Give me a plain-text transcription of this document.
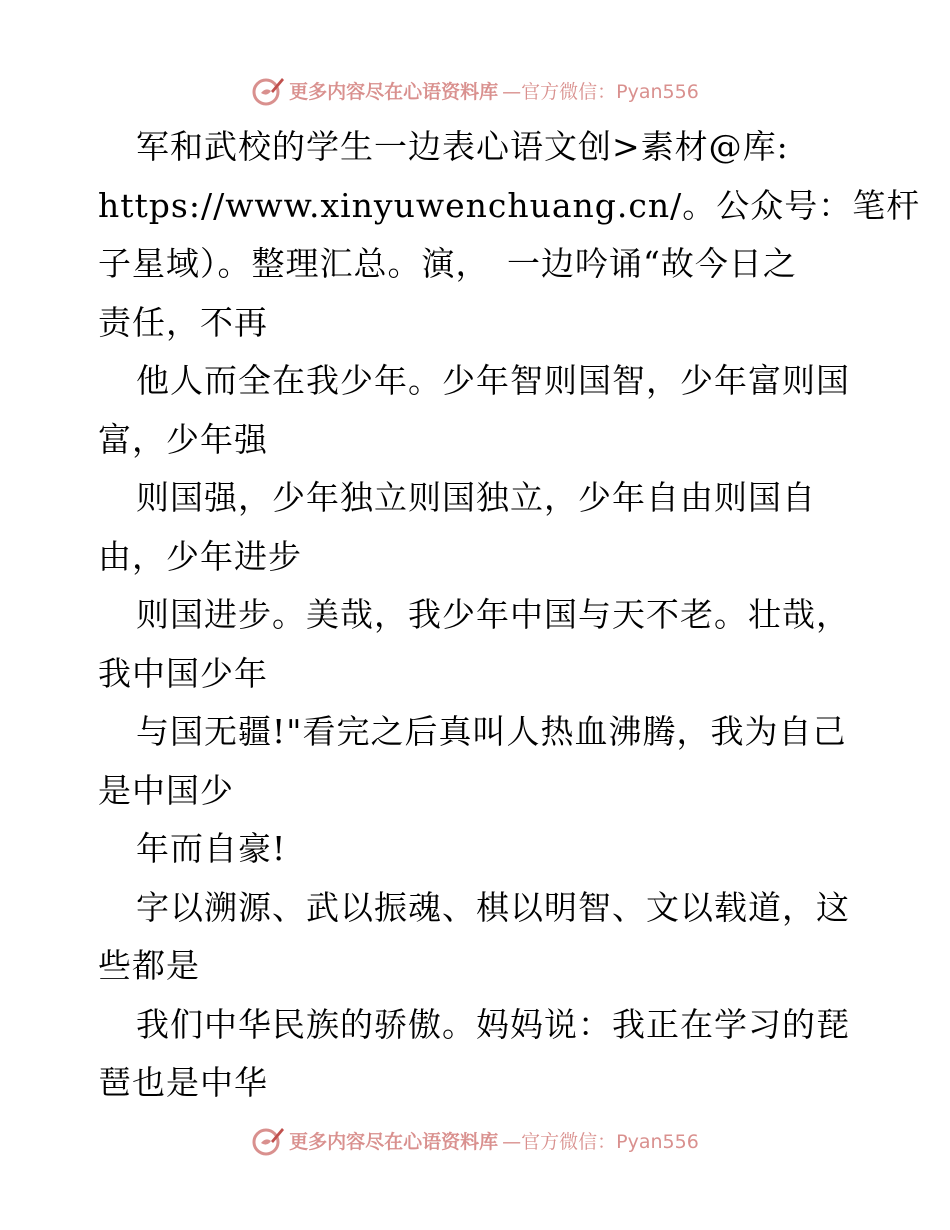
更多内容尽在心语资料库 —官方微信：Pyan556
军和武校的学生一边表心语文创>素材@库:
https://www.xinyuwenchuang.cn/。公众号：笔杆
子星域）。整理汇总。演，　一边吟诵“故今日之
责任，不再
他人而全在我少年。少年智则国智，少年富则国
富，少年强
则国强，少年独立则国独立，少年自由则国自
由，少年进步
则国进步。美哉，我少年中国与天不老。壮哉，
我中国少年
与国无疆!"看完之后真叫人热血沸腾，我为自己
是中国少
年而自豪!
字以溯源、武以振魂、棋以明智、文以载道，这
些都是
我们中华民族的骄傲。妈妈说：我正在学习的琵
琶也是中华
更多内容尽在心语资料库 —官方微信：Pyan556
